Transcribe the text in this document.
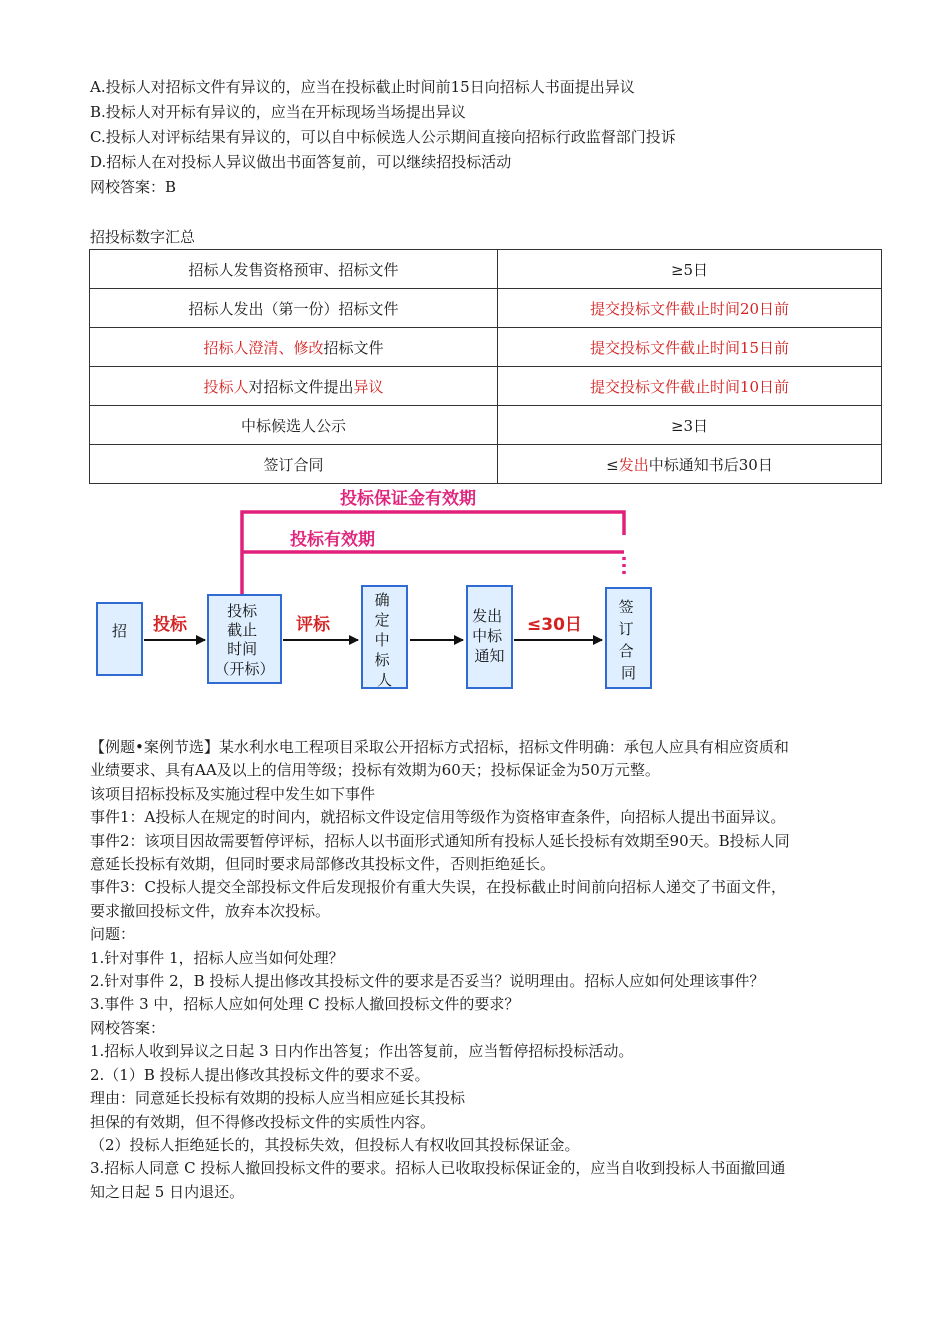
A.投标人对招标文件有异议的，应当在投标截止时间前15日向招标人书面提出异议
B.投标人对开标有异议的，应当在开标现场当场提出异议
C.投标人对评标结果有异议的，可以自中标候选人公示期间直接向招标行政监督部门投诉
D.招标人在对投标人异议做出书面答复前，可以继续招投标活动
网校答案：B
招投标数字汇总
招标人发售资格预审、招标文件	≥5日
招标人发出（第一份）招标文件	提交投标文件截止时间20日前
招标人澄清、修改招标文件	提交投标文件截止时间15日前
投标人对招标文件提出异议	提交投标文件截止时间10日前
中标候选人公示	≥3日
签订合同	≤发出中标通知书后30日
投标保证金有效期
投标有效期
招 投标
投标 截止 时间 （开标）
评标
确 定 中 标 人
发出 中标 通知
≤30日
签 订 合 同

【例题•案例节选】某水利水电工程项目采取公开招标方式招标，招标文件明确：承包人应具有相应资质和

业绩要求、具有AA及以上的信用等级；投标有效期为60天；投标保证金为50万元整。

该项目招标投标及实施过程中发生如下事件

事件1：A投标人在规定的时间内，就招标文件设定信用等级作为资格审查条件，向招标人提出书面异议。

事件2：该项目因故需要暂停评标，招标人以书面形式通知所有投标人延长投标有效期至90天。B投标人同

意延长投标有效期，但同时要求局部修改其投标文件，否则拒绝延长。

事件3：C投标人提交全部投标文件后发现报价有重大失误，在投标截止时间前向招标人递交了书面文件，

要求撤回投标文件，放弃本次投标。

问题：

1.针对事件 1，招标人应当如何处理？

2.针对事件 2，B 投标人提出修改其投标文件的要求是否妥当？说明理由。招标人应如何处理该事件？

3.事件 3 中，招标人应如何处理 C 投标人撤回投标文件的要求？

网校答案：

1.招标人收到异议之日起 3 日内作出答复；作出答复前，应当暂停招标投标活动。

2.（1）B 投标人提出修改其投标文件的要求不妥。

理由：同意延长投标有效期的投标人应当相应延长其投标

担保的有效期，但不得修改投标文件的实质性内容。

（2）投标人拒绝延长的，其投标失效，但投标人有权收回其投标保证金。

3.招标人同意 C 投标人撤回投标文件的要求。招标人已收取投标保证金的，应当自收到投标人书面撤回通

知之日起 5 日内退还。
